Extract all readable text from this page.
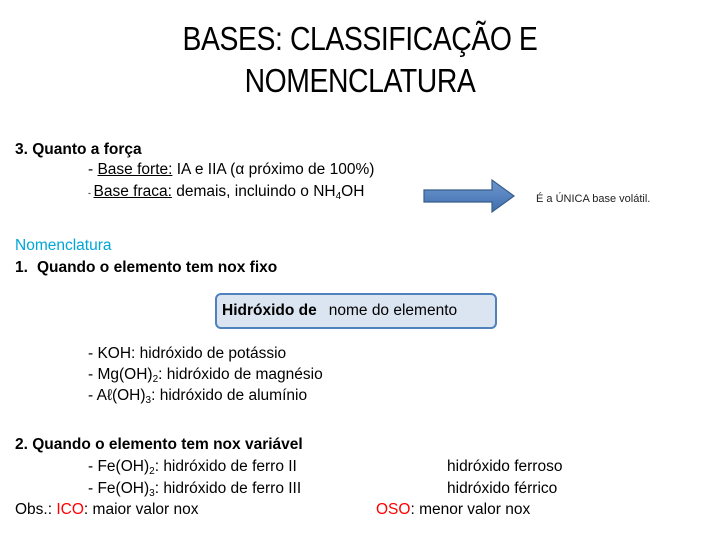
BASES: CLASSIFICAÇÃO E
NOMENCLATURA
3. Quanto a força
- Base forte: IA e IIA (α próximo de 100%)
- Base fraca: demais, incluindo o $NH_4OH$	É a ÚNICA base volátil.
Nomenclatura
1. Quando o elemento tem nox fixo
Hidróxido de nome do elemento
- KOH: hidróxido de potássio
- $Mg(OH)_2$: hidróxido de magnésio
- $A\ell(OH)_3$: hidróxido de alumínio
2. Quando o elemento tem nox variável
- $Fe(OH)_2$: hidróxido de ferro II	hidróxido ferroso
- $Fe(OH)_3$: hidróxido de ferro III	hidróxido férrico
Obs.: ICO: maior valor nox	OSO: menor valor nox
